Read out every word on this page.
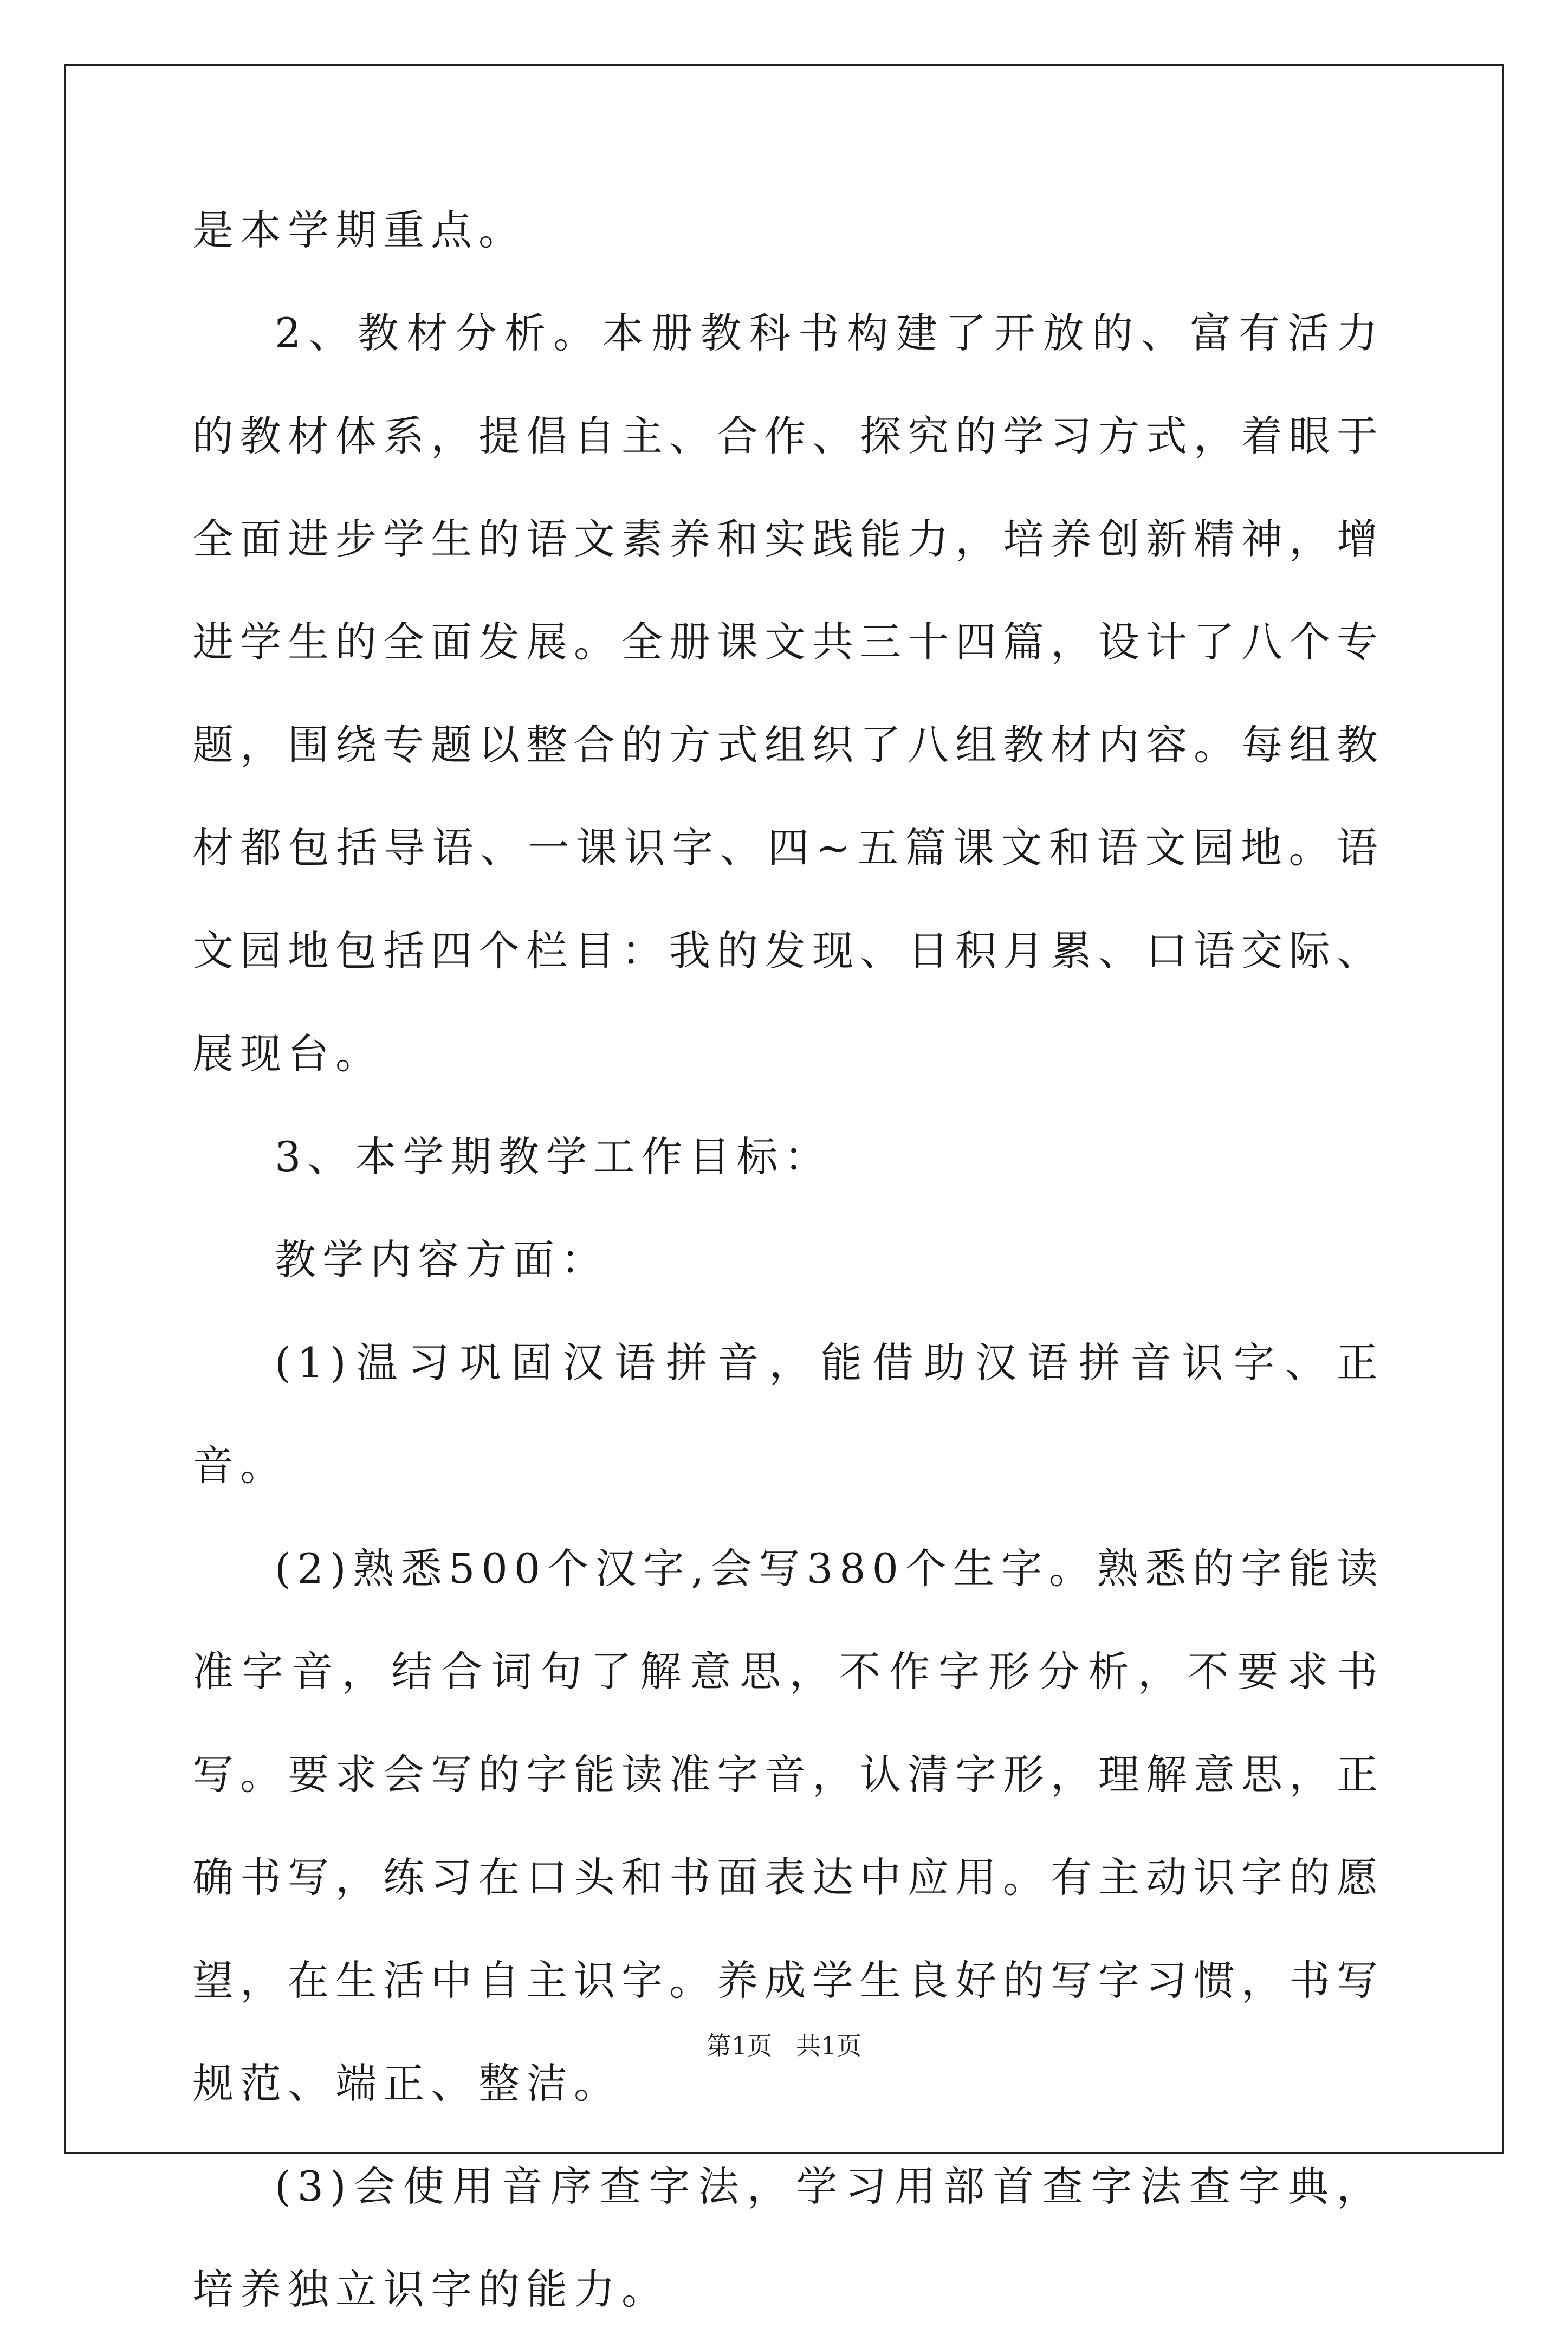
是本学期重点。

2、教材分析。本册教科书构建了开放的、富有活力的教材体系，提倡自主、合作、探究的学习方式，着眼于全面进步学生的语文素养和实践能力，培养创新精神，增进学生的全面发展。全册课文共三十四篇，设计了八个专题，围绕专题以整合的方式组织了八组教材内容。每组教材都包括导语、一课识字、四~五篇课文和语文园地。语文园地包括四个栏目：我的发现、日积月累、口语交际、展现台。

3、本学期教学工作目标：

教学内容方面：

(1)温习巩固汉语拼音，能借助汉语拼音识字、正音。

(2)熟悉500个汉字,会写380个生字。熟悉的字能读准字音，结合词句了解意思，不作字形分析，不要求书写。要求会写的字能读准字音，认清字形，理解意思，正确书写，练习在口头和书面表达中应用。有主动识字的愿望，在生活中自主识字。养成学生良好的写字习惯，书写规范、端正、整洁。

(3)会使用音序查字法，学习用部首查字法查字典，培养独立识字的能力。

第1页 共1页
